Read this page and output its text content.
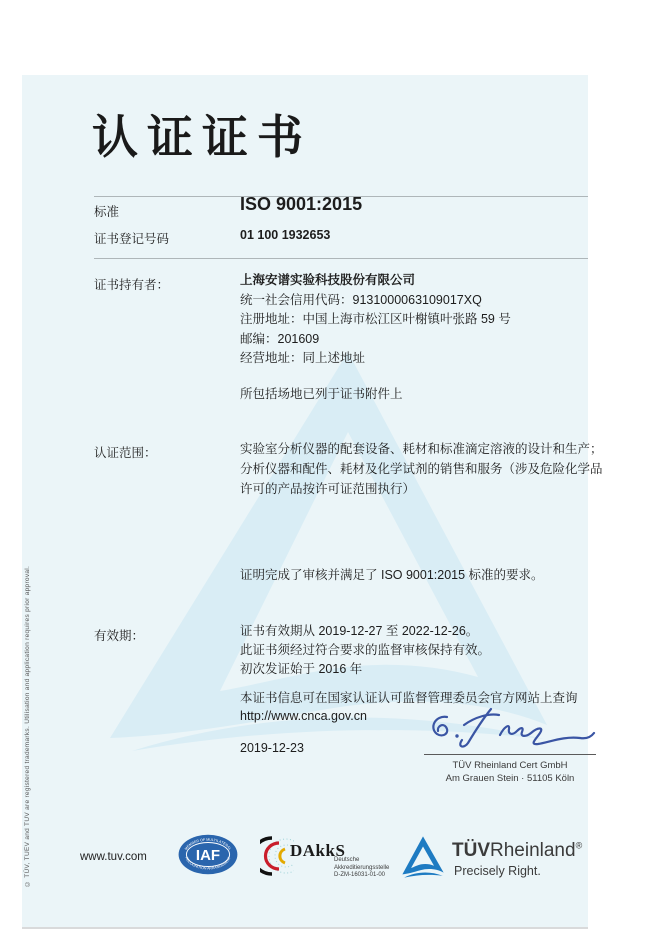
© TÜV, TUEV and TUV are registered trademarks. Utilisation and application requires prior approval.
认证证书
标准	ISO 9001:2015
证书登记号码	01 100 1932653
证书持有者：	上海安谱实验科技股份有限公司
统一社会信用代码：9131000063109017XQ
注册地址：中国上海市松江区叶榭镇叶张路 59 号
邮编：201609
经营地址：同上述地址
所包括场地已列于证书附件上
认证范围：	实验室分析仪器的配套设备、耗材和标准滴定溶液的设计和生产；
分析仪器和配件、耗材及化学试剂的销售和服务（涉及危险化学品
许可的产品按许可证范围执行）
证明完成了审核并满足了 ISO 9001:2015 标准的要求。
有效期：	证书有效期从 2019-12-27 至 2022-12-26。
此证书须经过符合要求的监督审核保持有效。
初次发证始于 2016 年
本证书信息可在国家认证认可监督管理委员会官方网站上查询
http://www.cnca.gov.cn
2019-12-23
TÜV Rheinland Cert GmbH
Am Grauen Stein · 51105 Köln
www.tuv.com IAF
MEMBER OF MULTILATERAL
RECOGNITION ARRANGEMENT	DAkkS
Deutsche
Akkreditierungsstelle
D-ZM-16031-01-00
TÜVRheinland®
Precisely Right.
